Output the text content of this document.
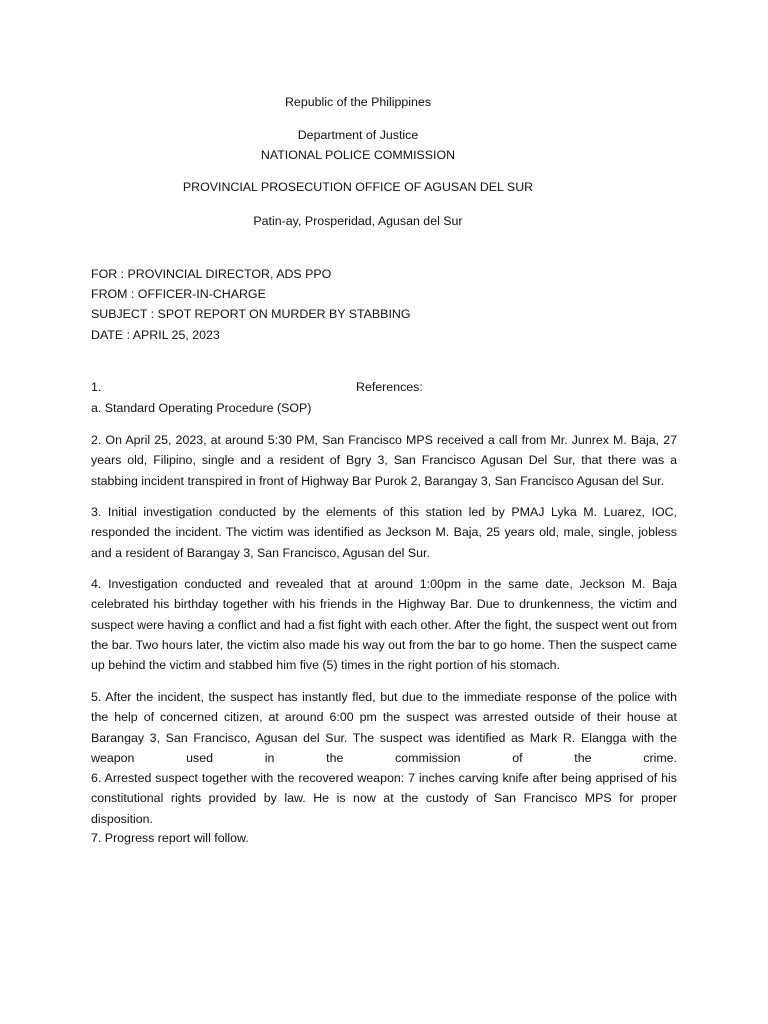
Republic of the Philippines
Department of Justice
NATIONAL POLICE COMMISSION
PROVINCIAL PROSECUTION OFFICE OF AGUSAN DEL SUR
Patin-ay, Prosperidad, Agusan del Sur
FOR : PROVINCIAL DIRECTOR, ADS PPO
FROM : OFFICER-IN-CHARGE
SUBJECT : SPOT REPORT ON MURDER BY STABBING
DATE : APRIL 25, 2023
1.	References:
a. Standard Operating Procedure (SOP)
2. On April 25, 2023, at around 5:30 PM, San Francisco MPS received a call from Mr. Junrex M. Baja, 27 years old, Filipino, single and a resident of Bgry 3, San Francisco Agusan Del Sur, that there was a stabbing incident transpired in front of Highway Bar Purok 2, Barangay 3, San Francisco Agusan del Sur.
3. Initial investigation conducted by the elements of this station led by PMAJ Lyka M. Luarez, IOC, responded the incident. The victim was identified as Jeckson M. Baja, 25 years old, male, single, jobless and a resident of Barangay 3, San Francisco, Agusan del Sur.
4. Investigation conducted and revealed that at around 1:00pm in the same date, Jeckson M. Baja celebrated his birthday together with his friends in the Highway Bar. Due to drunkenness, the victim and suspect were having a conflict and had a fist fight with each other. After the fight, the suspect went out from the bar. Two hours later, the victim also made his way out from the bar to go home. Then the suspect came up behind the victim and stabbed him five (5) times in the right portion of his stomach.
5. After the incident, the suspect has instantly fled, but due to the immediate response of the police with the help of concerned citizen, at around 6:00 pm the suspect was arrested outside of their house at Barangay 3, San Francisco, Agusan del Sur. The suspect was identified as Mark R. Elangga with the weapon used in the commission of the crime.
6. Arrested suspect together with the recovered weapon: 7 inches carving knife after being apprised of his constitutional rights provided by law. He is now at the custody of San Francisco MPS for proper disposition.
7. Progress report will follow.
